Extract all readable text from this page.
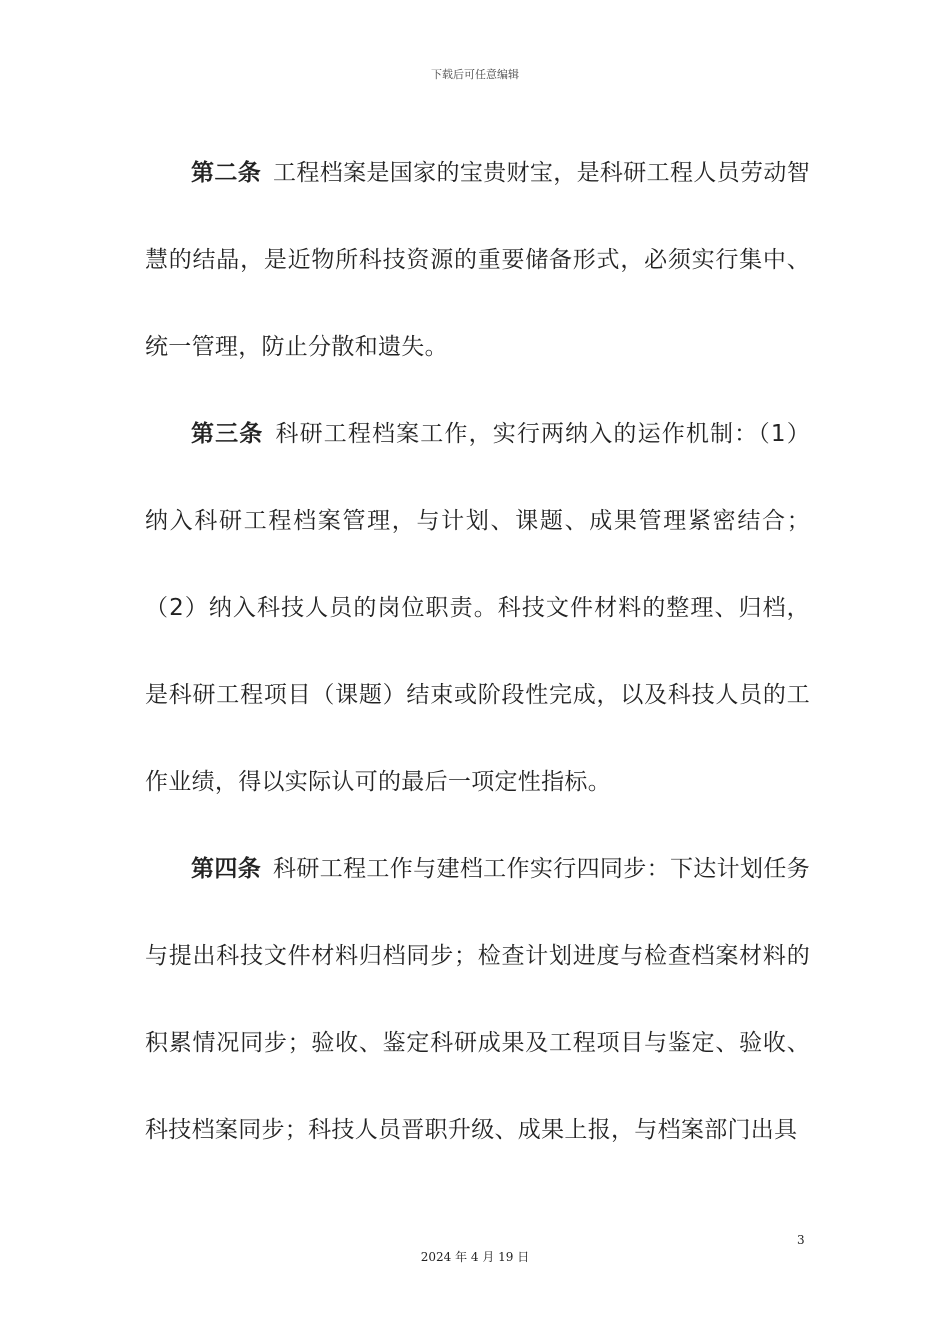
下载后可任意编辑

第二条 工程档案是国家的宝贵财宝，是科研工程人员劳动智慧的结晶，是近物所科技资源的重要储备形式，必须实行集中、统一管理，防止分散和遗失。

第三条 科研工程档案工作，实行两纳入的运作机制：（1）纳入科研工程档案管理，与计划、课题、成果管理紧密结合；（2）纳入科技人员的岗位职责。科技文件材料的整理、归档，是科研工程项目（课题）结束或阶段性完成，以及科技人员的工作业绩，得以实际认可的最后一项定性指标。

第四条 科研工程工作与建档工作实行四同步：下达计划任务与提出科技文件材料归档同步；检查计划进度与检查档案材料的积累情况同步；验收、鉴定科研成果及工程项目与鉴定、验收、科技档案同步；科技人员晋职升级、成果上报，与档案部门出具

3
2024 年 4 月 19 日
